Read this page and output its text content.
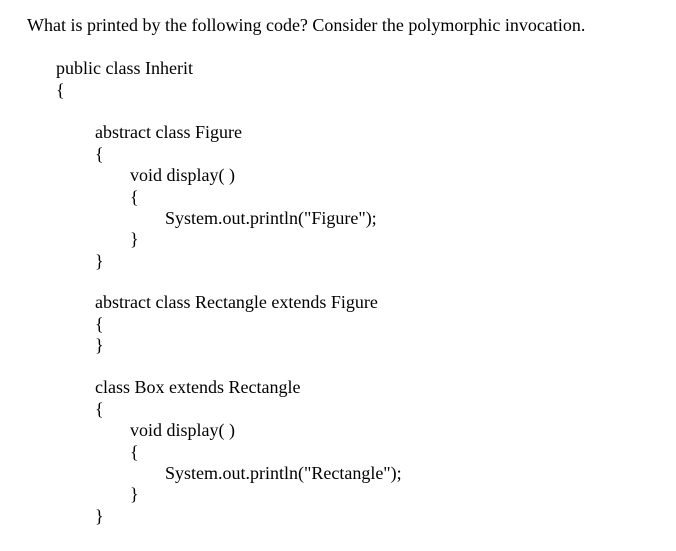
What is printed by the following code? Consider the polymorphic invocation.
public class Inherit
{
abstract class Figure
{
void display( )
{
System.out.println("Figure");
}
}
abstract class Rectangle extends Figure
{
}
class Box extends Rectangle
{
void display( )
{
System.out.println("Rectangle");
}
}
